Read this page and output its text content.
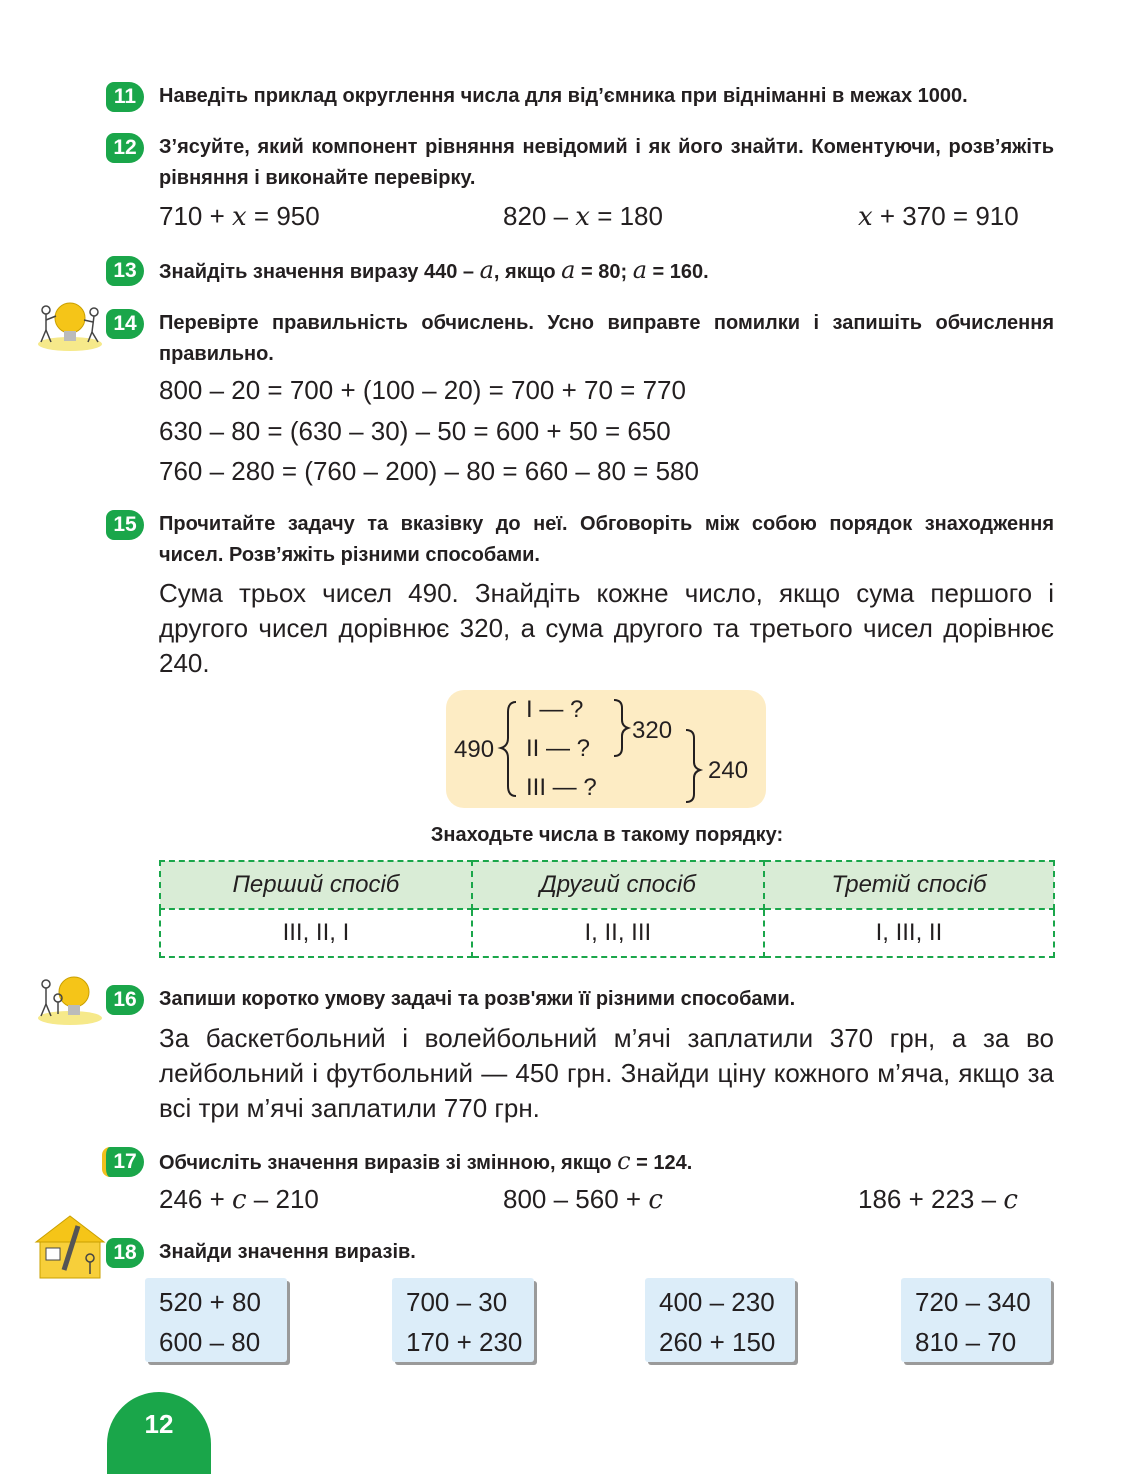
11	Наведіть приклад округлення числа для від’ємника при відніманні в межах 1000.
12	З’ясуйте, який компонент рівняння невідомий і як його знайти. Коментуючи, розв’яжіть рівняння і виконайте перевірку.
710 + x = 950	820 – x = 180	x + 370 = 910
13	Знайдіть значення виразу 440 – a, якщо a = 80; a = 160.
14	Перевірте правильність обчислень. Усно виправте помилки і запишіть обчислення правильно.
800 – 20 = 700 + (100 – 20) = 700 + 70 = 770
630 – 80 = (630 – 30) – 50 = 600 + 50 = 650
760 – 280 = (760 – 200) – 80 = 660 – 80 = 580
15	Прочитайте задачу та вказівку до неї. Обговоріть між собою порядок знаходження чисел. Розв’яжіть різними способами.
Сума трьох чисел 490. Знайдіть кожне число, якщо сума першого і другого чисел дорівнює 320, а сума другого та третього чисел дорівнює 240.
490
I — ?
II — ?
III — ?
320
240
Знаходьте числа в такому порядку:
Перший спосіб	Другий спосіб	Третій спосіб
III, II, I	I, II, III	I, III, II
16	Запиши коротко умову задачі та розв'яжи її різними способами.
За баскетбольний і волейбольний м’ячі заплатили 370 грн, а за во лейбольний і футбольний — 450 грн. Знайди ціну кожного м’яча, якщо за всі три м’ячі заплатили 770 грн.
17	Обчисліть значення виразів зі змінною, якщо c = 124.
246 + c – 210	800 – 560 + c	186 + 223 – c
18	Знайди значення виразів.
520 + 80
600 – 80
700 – 30
170 + 230
400 – 230
260 + 150
720 – 340
810 – 70
12
